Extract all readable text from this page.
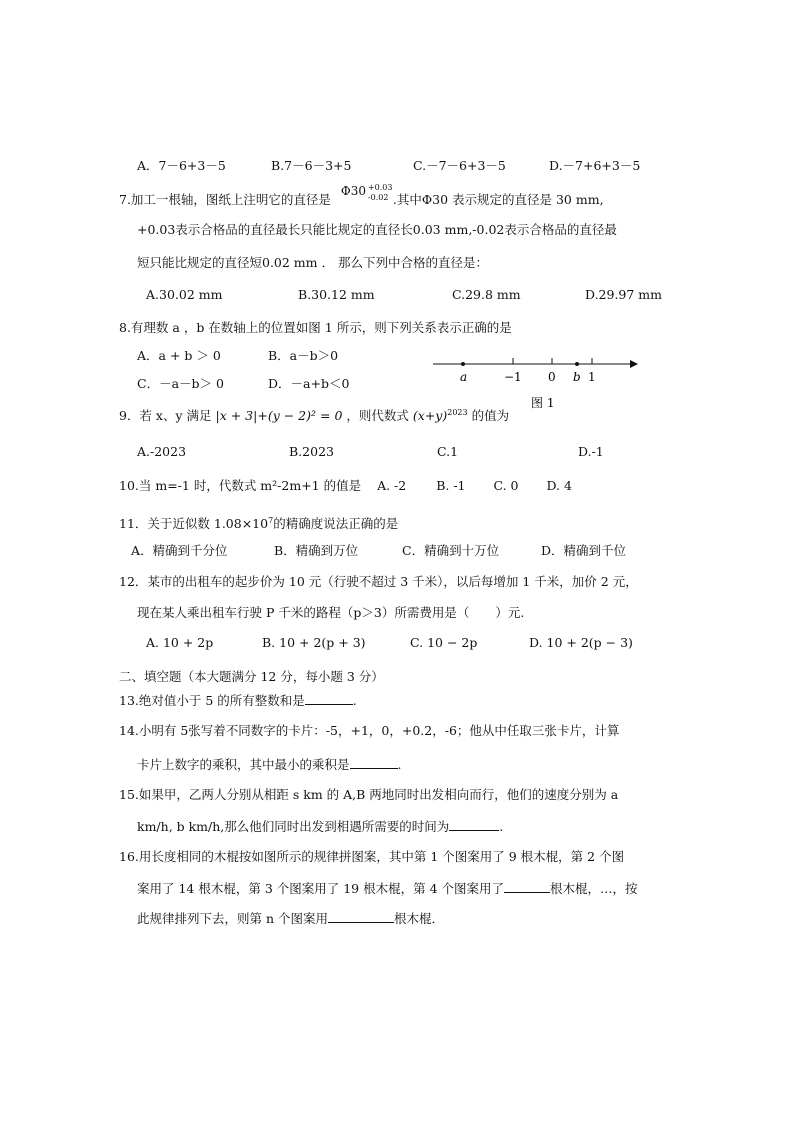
A．7－6+3－5	B.7－6－3+5	C.－7－6+3－5	D.－7+6+3－5
7.加工一根轴，图纸上注明它的直径是
Φ30 +0.03
-0.02 .其中Φ30 表示规定的直径是 30 mm,
+0.03表示合格品的直径最长只能比规定的直径长0.03 mm,-0.02表示合格品的直径最
短只能比规定的直径短0.02 mm ． 那么下列中合格的直径是：
A.30.02 mm	B.30.12 mm	C.29.8 mm	D.29.97 mm
8.有理数 a ，b 在数轴上的位置如图 1 所示，则下列关系表示正确的是
A．a + b ＞ 0	B．a－b＞0
C．－a－b＞ 0	D．－a+b＜0	a	−1 0 b 1
图 1
9．若 x、y 满足 |x + 3|+(y − 2)² = 0 ，则代数式 $(x+y)^{2023}$ 的值为
A.-2023	B.2023	C.1	D.-1
10.当 m=-1 时，代数式 m²-2m+1 的值是 A. -2 B. -1 C. 0 D. 4
11．关于近似数 $1.08\times 10^7$的精确度说法正确的是
A．精确到千分位	B．精确到万位	C．精确到十万位	D．精确到千位
12．某市的出租车的起步价为 10 元（行驶不超过 3 千米），以后每增加 1 千米，加价 2 元，
现在某人乘出租车行驶 P 千米的路程（p＞3）所需费用是（ ）元.
A. 10 + 2p	B. 10 + 2(p + 3)	C. 10 − 2p	D. 10 + 2(p − 3)
二、填空题（本大题满分 12 分，每小题 3 分）
13.绝对值小于 5 的所有整数和是	.
14.小明有 5张写着不同数字的卡片：-5，+1，0，+0.2，-6；他从中任取三张卡片，计算
卡片上数字的乘积，其中最小的乘积是	.
15.如果甲，乙两人分别从相距 s km 的 A,B 两地同时出发相向而行，他们的速度分别为 a
km/h, b km/h,那么他们同时出发到相遇所需要的时间为	.
16.用长度相同的木棍按如图所示的规律拼图案，其中第 1 个图案用了 9 根木棍，第 2 个图
案用了 14 根木棍，第 3 个图案用了 19 根木棍，第 4 个图案用了	根木棍，…，按
此规律排列下去，则第 n 个图案用	根木棍．
